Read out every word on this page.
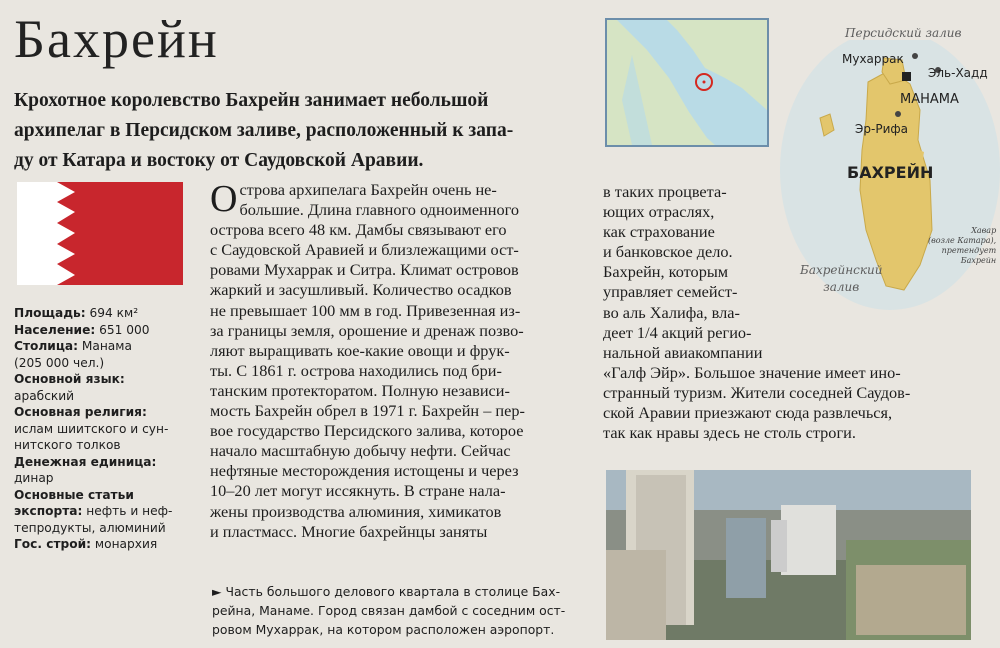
Бахрейн
Крохотное королевство Бахрейн занимает небольшой
архипелаг в Персидском заливе, расположенный к запа-
ду от Катара и востоку от Саудовской Аравии.
Площадь: 694 км²
Население: 651 000
Столица: Манама
(205 000 чел.)
Основной язык:
арабский
Основная религия:
ислам шиитского и сун-
нитского толков
Денежная единица:
динар
Основные статьи
экспорта: нефть и неф-
тепродукты, алюминий
Гос. строй: монархия
О строва архипелага Бахрейн очень не-
большие. Длина главного одноименного
острова всего 48 км. Дамбы связывают его
с Саудовской Аравией и близлежащими ост-
ровами Мухаррак и Ситра. Климат островов
жаркий и засушливый. Количество осадков
не превышает 100 мм в год. Привезенная из-
за границы земля, орошение и дренаж позво-
ляют выращивать кое-какие овощи и фрук-
ты. С 1861 г. острова находились под бри-
танским протекторатом. Полную независи-
мость Бахрейн обрел в 1971 г. Бахрейн – пер-
вое государство Персидского залива, которое
начало масштабную добычу нефти. Сейчас
нефтяные месторождения истощены и через
10–20 лет могут иссякнуть. В стране нала-
жены производства алюминия, химикатов
и пластмасс. Многие бахрейнцы заняты
в таких процвета-
ющих отраслях,
как страхование
и банковское дело.
Бахрейн, которым
управляет семейст-
во аль Халифа, вла-
деет 1/4 акций регио-
нальной авиакомпании
«Галф Эйр». Большое значение имеет ино-
странный туризм. Жители соседней Саудов-
ской Аравии приезжают сюда развлечься,
так как нравы здесь не столь строги.
► Часть большого делового квартала в столице Бах-
рейна, Манаме. Город связан дамбой с соседним ост-
ровом Мухаррак, на котором расположен аэропорт.
Персидский залив
Мухаррак
Эль-Хадд
МАНАМА
Эр-Рифа
БАХРЕЙН
Бахрейнский
залив
Хавар
(возле Катара),
претендует
Бахрейн
